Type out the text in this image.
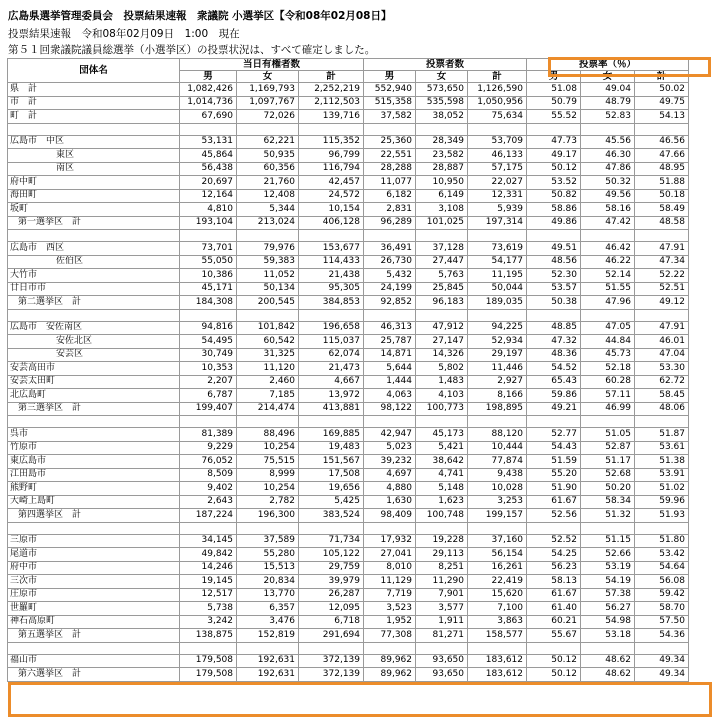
広島県選挙管理委員会　投票結果速報　衆議院 小選挙区【令和08年02月08日】
投票結果速報　令和08年02月09日　1:00　現在
第５１回衆議院議員総選挙（小選挙区）の投票状況は、すべて確定しました。
団体名	当日有権者数			投票者数			投票率（％）		
	男	女	計	男	女	計	男	女	計
県　計	1,082,426	1,169,793	2,252,219	552,940	573,650	1,126,590	51.08	49.04	50.02
市　計	1,014,736	1,097,767	2,112,503	515,358	535,598	1,050,956	50.79	48.79	49.75
町　計	67,690	72,026	139,716	37,582	38,052	75,634	55.52	52.83	54.13

広島市　中区	53,131	62,221	115,352	25,360	28,349	53,709	47.73	45.56	46.56
東区	45,864	50,935	96,799	22,551	23,582	46,133	49.17	46.30	47.66
南区	56,438	60,356	116,794	28,288	28,887	57,175	50.12	47.86	48.95
府中町	20,697	21,760	42,457	11,077	10,950	22,027	53.52	50.32	51.88
海田町	12,164	12,408	24,572	6,182	6,149	12,331	50.82	49.56	50.18
坂町	4,810	5,344	10,154	2,831	3,108	5,939	58.86	58.16	58.49
第一選挙区　計	193,104	213,024	406,128	96,289	101,025	197,314	49.86	47.42	48.58

広島市　西区	73,701	79,976	153,677	36,491	37,128	73,619	49.51	46.42	47.91
佐伯区	55,050	59,383	114,433	26,730	27,447	54,177	48.56	46.22	47.34
大竹市	10,386	11,052	21,438	5,432	5,763	11,195	52.30	52.14	52.22
廿日市市	45,171	50,134	95,305	24,199	25,845	50,044	53.57	51.55	52.51
第二選挙区　計	184,308	200,545	384,853	92,852	96,183	189,035	50.38	47.96	49.12

広島市　安佐南区	94,816	101,842	196,658	46,313	47,912	94,225	48.85	47.05	47.91
安佐北区	54,495	60,542	115,037	25,787	27,147	52,934	47.32	44.84	46.01
安芸区	30,749	31,325	62,074	14,871	14,326	29,197	48.36	45.73	47.04
安芸高田市	10,353	11,120	21,473	5,644	5,802	11,446	54.52	52.18	53.30
安芸太田町	2,207	2,460	4,667	1,444	1,483	2,927	65.43	60.28	62.72
北広島町	6,787	7,185	13,972	4,063	4,103	8,166	59.86	57.11	58.45
第三選挙区　計	199,407	214,474	413,881	98,122	100,773	198,895	49.21	46.99	48.06

呉市	81,389	88,496	169,885	42,947	45,173	88,120	52.77	51.05	51.87
竹原市	9,229	10,254	19,483	5,023	5,421	10,444	54.43	52.87	53.61
東広島市	76,052	75,515	151,567	39,232	38,642	77,874	51.59	51.17	51.38
江田島市	8,509	8,999	17,508	4,697	4,741	9,438	55.20	52.68	53.91
熊野町	9,402	10,254	19,656	4,880	5,148	10,028	51.90	50.20	51.02
大崎上島町	2,643	2,782	5,425	1,630	1,623	3,253	61.67	58.34	59.96
第四選挙区　計	187,224	196,300	383,524	98,409	100,748	199,157	52.56	51.32	51.93

三原市	34,145	37,589	71,734	17,932	19,228	37,160	52.52	51.15	51.80
尾道市	49,842	55,280	105,122	27,041	29,113	56,154	54.25	52.66	53.42
府中市	14,246	15,513	29,759	8,010	8,251	16,261	56.23	53.19	54.64
三次市	19,145	20,834	39,979	11,129	11,290	22,419	58.13	54.19	56.08
庄原市	12,517	13,770	26,287	7,719	7,901	15,620	61.67	57.38	59.42
世羅町	5,738	6,357	12,095	3,523	3,577	7,100	61.40	56.27	58.70
神石高原町	3,242	3,476	6,718	1,952	1,911	3,863	60.21	54.98	57.50
第五選挙区　計	138,875	152,819	291,694	77,308	81,271	158,577	55.67	53.18	54.36

福山市	179,508	192,631	372,139	89,962	93,650	183,612	50.12	48.62	49.34
第六選挙区　計	179,508	192,631	372,139	89,962	93,650	183,612	50.12	48.62	49.34
